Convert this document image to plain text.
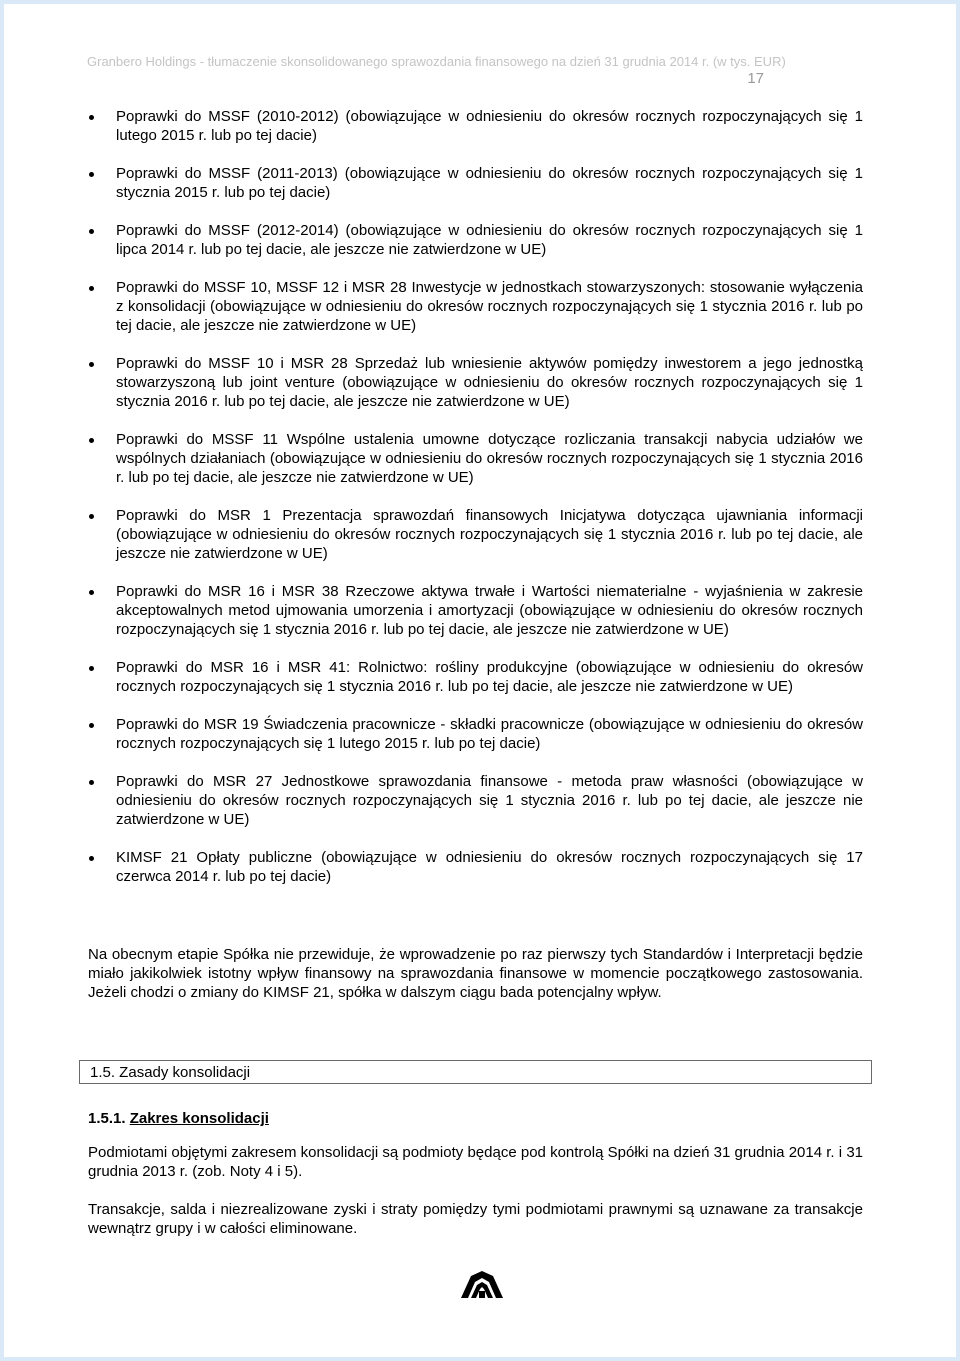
Granbero Holdings - tłumaczenie skonsolidowanego sprawozdania finansowego na dzień 31 grudnia 2014 r. (w tys. EUR)
17
Poprawki do MSSF (2010-2012) (obowiązujące w odniesieniu do okresów rocznych rozpoczynających się 1 lutego 2015 r. lub po tej dacie)
Poprawki do MSSF (2011-2013) (obowiązujące w odniesieniu do okresów rocznych rozpoczynających się 1 stycznia 2015 r. lub po tej dacie)
Poprawki do MSSF (2012-2014) (obowiązujące w odniesieniu do okresów rocznych rozpoczynających się 1 lipca 2014 r. lub po tej dacie, ale jeszcze nie zatwierdzone w UE)
Poprawki do MSSF 10, MSSF 12 i MSR 28 Inwestycje w jednostkach stowarzyszonych: stosowanie wyłączenia z konsolidacji (obowiązujące w odniesieniu do okresów rocznych rozpoczynających się 1 stycznia 2016 r. lub po tej dacie, ale jeszcze nie zatwierdzone w UE)
Poprawki do MSSF 10 i MSR 28 Sprzedaż lub wniesienie aktywów pomiędzy inwestorem a jego jednostką stowarzyszoną lub joint venture (obowiązujące w odniesieniu do okresów rocznych rozpoczynających się 1 stycznia 2016 r. lub po tej dacie, ale jeszcze nie zatwierdzone w UE)
Poprawki do MSSF 11 Wspólne ustalenia umowne dotyczące rozliczania transakcji nabycia udziałów we wspólnych działaniach (obowiązujące w odniesieniu do okresów rocznych rozpoczynających się 1 stycznia 2016 r. lub po tej dacie, ale jeszcze nie zatwierdzone w UE)
Poprawki do MSR 1 Prezentacja sprawozdań finansowych Inicjatywa dotycząca ujawniania informacji (obowiązujące w odniesieniu do okresów rocznych rozpoczynających się 1 stycznia 2016 r. lub po tej dacie, ale jeszcze nie zatwierdzone w UE)
Poprawki do MSR 16 i MSR 38 Rzeczowe aktywa trwałe i Wartości niematerialne - wyjaśnienia w zakresie akceptowalnych metod ujmowania umorzenia i amortyzacji (obowiązujące w odniesieniu do okresów rocznych rozpoczynających się 1 stycznia 2016 r. lub po tej dacie, ale jeszcze nie zatwierdzone w UE)
Poprawki do MSR 16 i MSR 41: Rolnictwo: rośliny produkcyjne (obowiązujące w odniesieniu do okresów rocznych rozpoczynających się 1 stycznia 2016 r. lub po tej dacie, ale jeszcze nie zatwierdzone w UE)
Poprawki do MSR 19 Świadczenia pracownicze - składki pracownicze (obowiązujące w odniesieniu do okresów rocznych rozpoczynających się 1 lutego 2015 r. lub po tej dacie)
Poprawki do MSR 27 Jednostkowe sprawozdania finansowe - metoda praw własności (obowiązujące w odniesieniu do okresów rocznych rozpoczynających się 1 stycznia 2016 r. lub po tej dacie, ale jeszcze nie zatwierdzone w UE)
KIMSF 21 Opłaty publiczne (obowiązujące w odniesieniu do okresów rocznych rozpoczynających się 17 czerwca 2014 r. lub po tej dacie)

Na obecnym etapie Spółka nie przewiduje, że wprowadzenie po raz pierwszy tych Standardów i Interpretacji będzie miało jakikolwiek istotny wpływ finansowy na sprawozdania finansowe w momencie początkowego zastosowania. Jeżeli chodzi o zmiany do KIMSF 21, spółka w dalszym ciągu bada potencjalny wpływ.

1.5. Zasady konsolidacji
1.5.1. Zakres konsolidacji

Podmiotami objętymi zakresem konsolidacji są podmioty będące pod kontrolą Spółki na dzień 31 grudnia 2014 r. i 31 grudnia 2013 r. (zob. Noty 4 i 5).

Transakcje, salda i niezrealizowane zyski i straty pomiędzy tymi podmiotami prawnymi są uznawane za transakcje wewnątrz grupy i w całości eliminowane.
